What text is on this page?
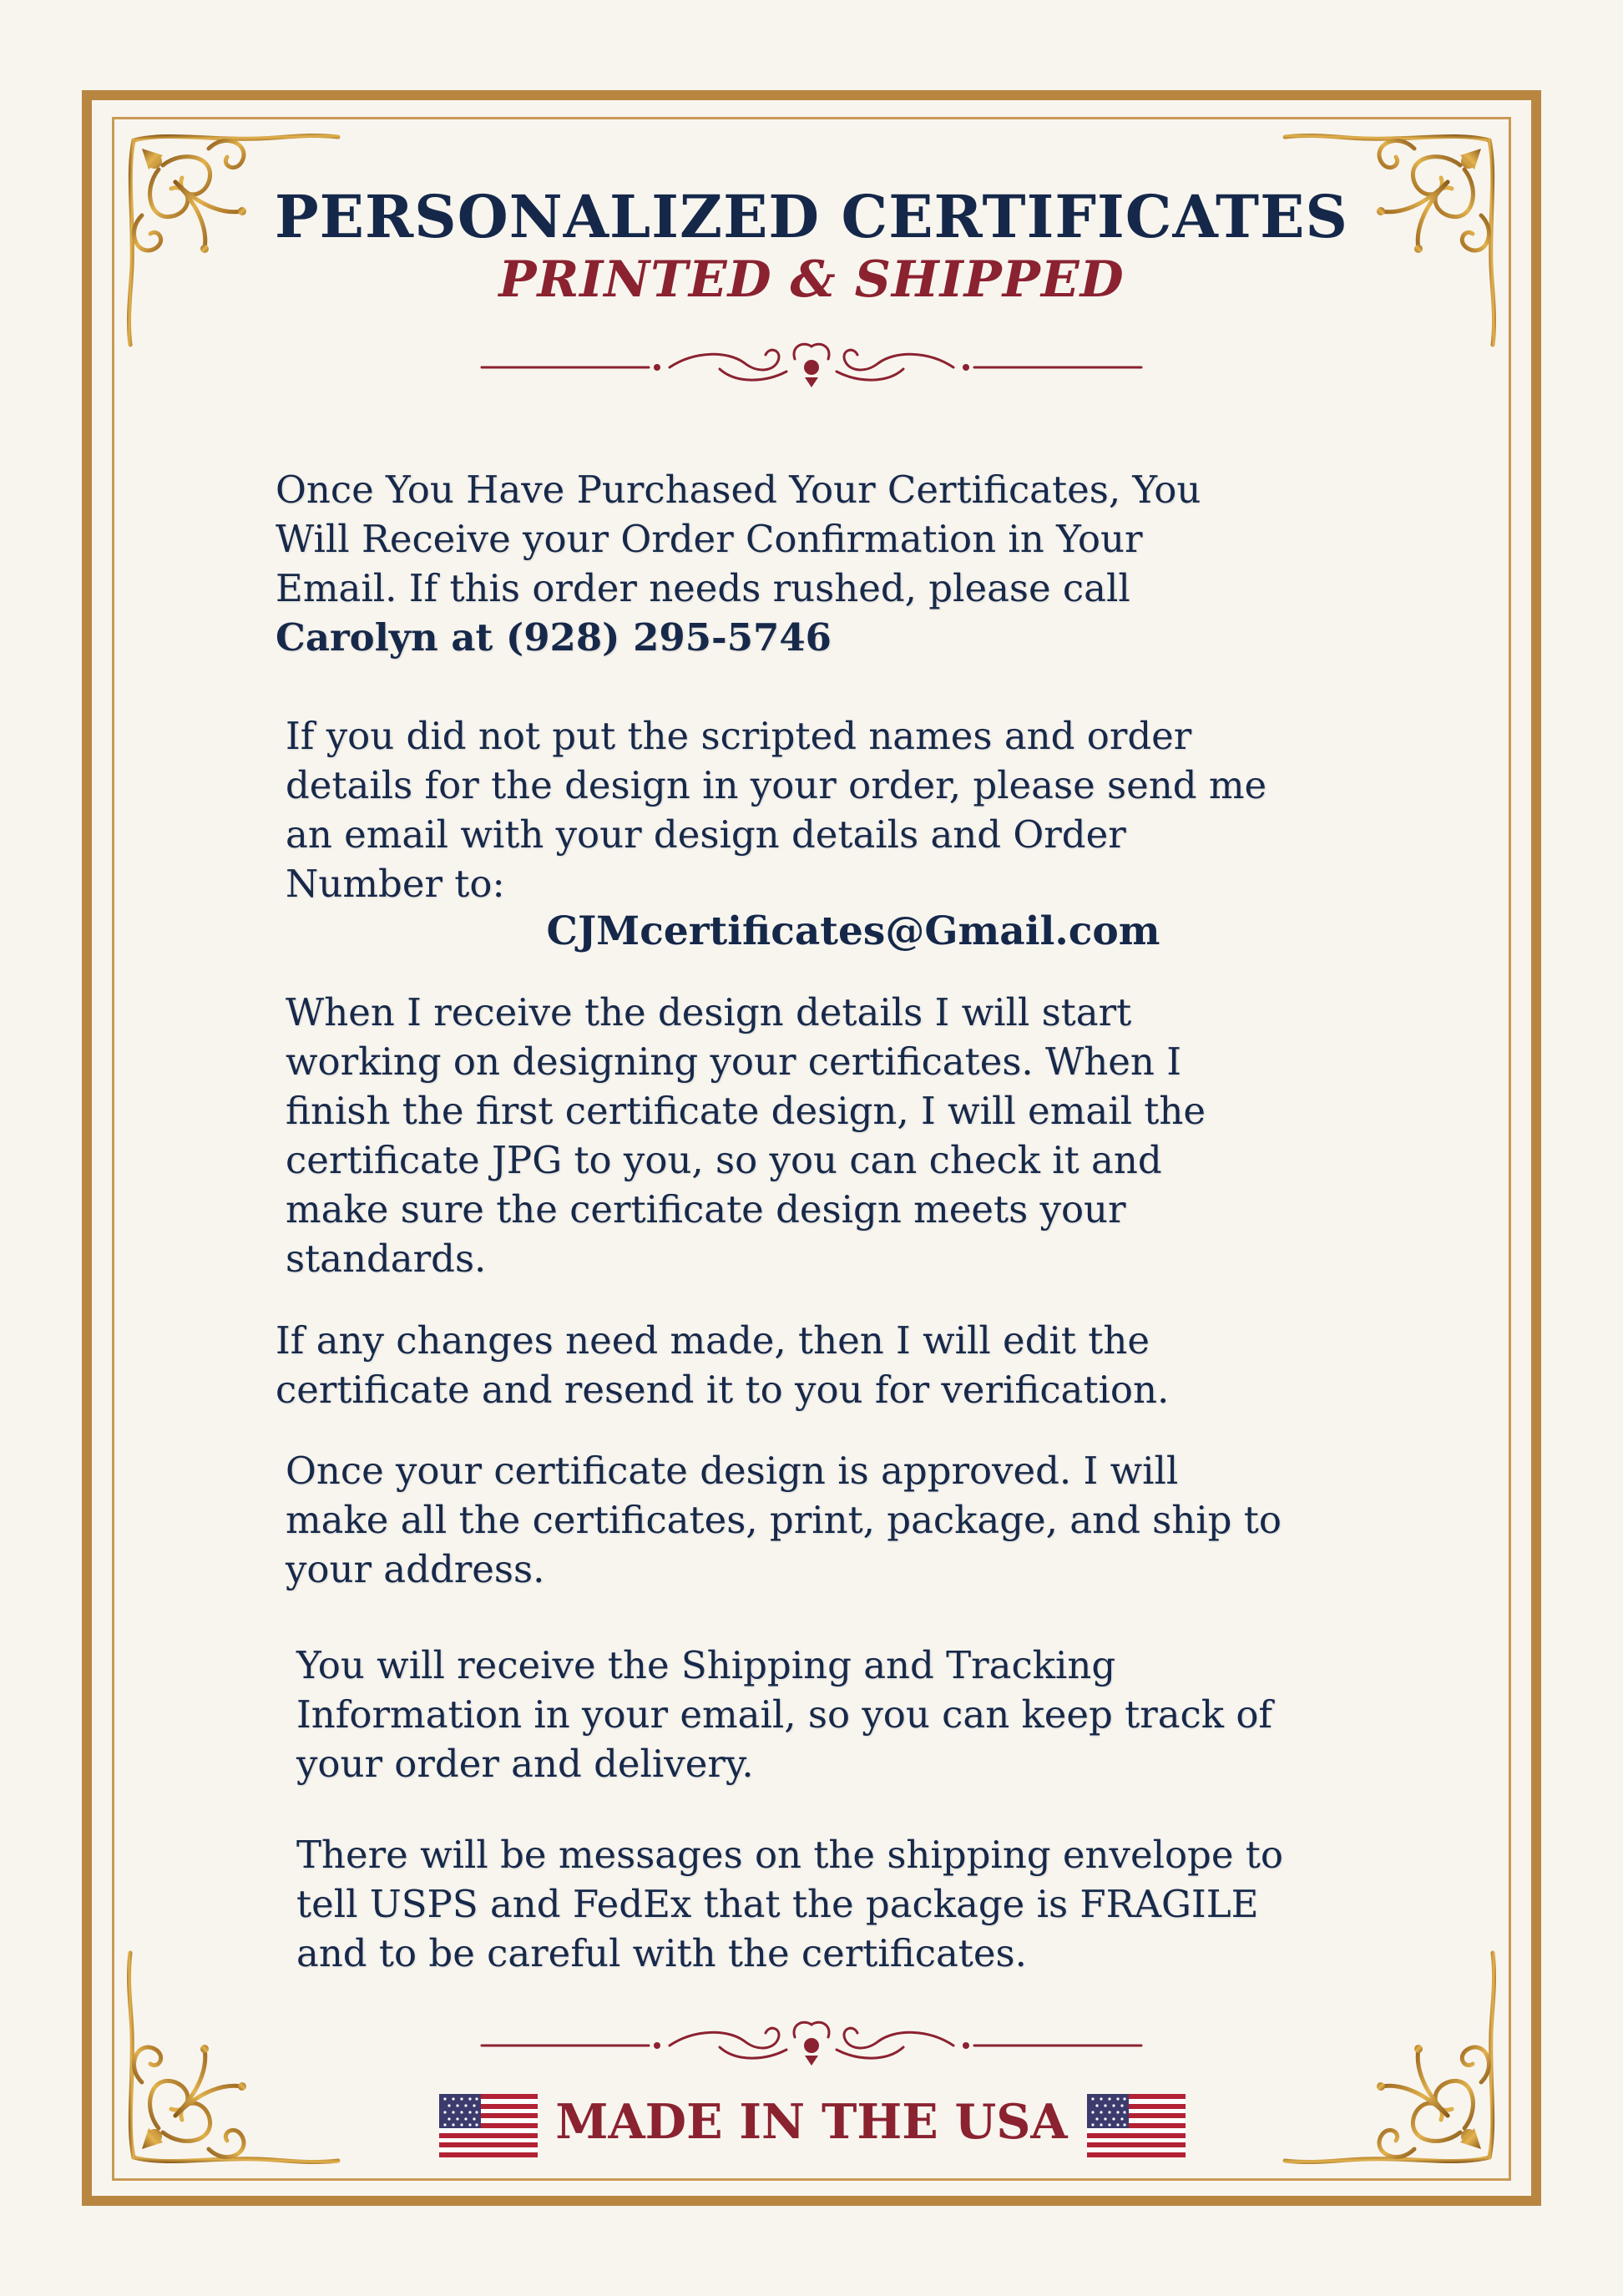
PERSONALIZED CERTIFICATES
PRINTED & SHIPPED
Once You Have Purchased Your Certificates, You
Will Receive your Order Confirmation in Your
Email. If this order needs rushed, please call
Carolyn at (928) 295-5746
If you did not put the scripted names and order
details for the design in your order, please send me
an email with your design details and Order
Number to:
CJMcertificates@Gmail.com
When I receive the design details I will start
working on designing your certificates. When I
finish the first certificate design, I will email the
certificate JPG to you, so you can check it and
make sure the certificate design meets your
standards.
If any changes need made, then I will edit the
certificate and resend it to you for verification.
Once your certificate design is approved. I will
make all the certificates, print, package, and ship to
your address.
You will receive the Shipping and Tracking
Information in your email, so you can keep track of
your order and delivery.
There will be messages on the shipping envelope to
tell USPS and FedEx that the package is FRAGILE
and to be careful with the certificates.
MADE IN THE USA
